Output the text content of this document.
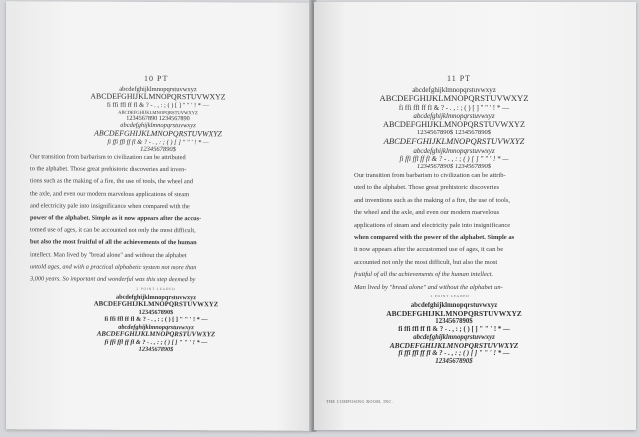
10 PT
abcdefghijklmnopqrstuvwxyz
ABCDEFGHIJKLMNOPQRSTUVWXYZ
fi ffi ffl ff fl & ? - . , : ; ( ) [ ] " " ' ! * —
ABCDEFGHIJKLMNOPQRSTUVWXYZ
1234567890 1234567890
abcdefghijklmnopqrstuvwxyz
ABCDEFGHIJKLMNOPQRSTUVWXYZ
fi ffi ffl ff fl & ? - . , : ; ( ) [ ] " " ' ! * —
1234567890$
Our transition from barbarism to civilization can be attributed
to the alphabet. Those great prehistoric discoveries and inven-
tions such as the making of a fire, the use of tools, the wheel and
the axle, and even our modern marvelous applications of steam
and electricity pale into insignificance when compared with the
power of the alphabet. Simple as it now appears after the accus-
tomed use of ages, it can be accounted not only the most difficult,
but also the most fruitful of all the achievements of the human
intellect. Man lived by "bread alone" and without the alphabet
untold ages, and with a practical alphabetic system not more than
3,000 years. So important and wonderful was this step deemed by
2 POINT LEADED
abcdefghijklmnopqrstuvwxyz
ABCDEFGHIJKLMNOPQRSTUVWXYZ
1234567890$
fi ffi ffl ff fl & ? - . , : ; ( ) [ ] " " ' ! * —
abcdefghijklmnopqrstuvwxyz
ABCDEFGHIJKLMNOPQRSTUVWXYZ
fi ffi ffl ff fl & ? - . , : ; ( ) [ ] " " ' ! * —
1234567890$
11 PT
abcdefghijklmnopqrstuvwxyz
ABCDEFGHIJKLMNOPQRSTUVWXYZ
fi ffi ffl ff fl & ? - . , : ; ( ) [ ] " " ' ! * —
abcdefghijklmnopqrstuvwxyz
ABCDEFGHIJKLMNOPQRSTUVWXYZ
1234567890$ 1234567890$
ABCDEFGHIJKLMNOPQRSTUVWXYZ
abcdefghijklmnopqrstuvwxyz
fi ffi ffl ff fl & ? - . , : ; ( ) [ ] " " ' ! * —
1234567890$ 1234567890$
Our transition from barbarism to civilization can be attrib-
uted to the alphabet. Those great prehistoric discoveries
and inventions such as the making of a fire, the use of tools,
the wheel and the axle, and even our modern marvelous
applications of steam and electricity pale into insignificance
when compared with the power of the alphabet. Simple as
it now appears after the accustomed use of ages, it can be
accounted not only the most difficult, but also the most
fruitful of all the achievements of the human intellect.
Man lived by "bread alone" and without the alphabet un-
2 POINT LEADED
abcdefghijklmnopqrstuvwxyz
ABCDEFGHIJKLMNOPQRSTUVWXYZ
1234567890$
fi ffi ffl ff fl & ? - . , : ; ( ) [ ] " " ' ! * —
abcdefghijklmnopqrstuvwxyz
ABCDEFGHIJKLMNOPQRSTUVWXYZ
fi ffi ffl ff fl & ? - . , : ; ( ) [ ] " " ' ! * —
1234567890$
THE COMPOSING ROOM, INC.
